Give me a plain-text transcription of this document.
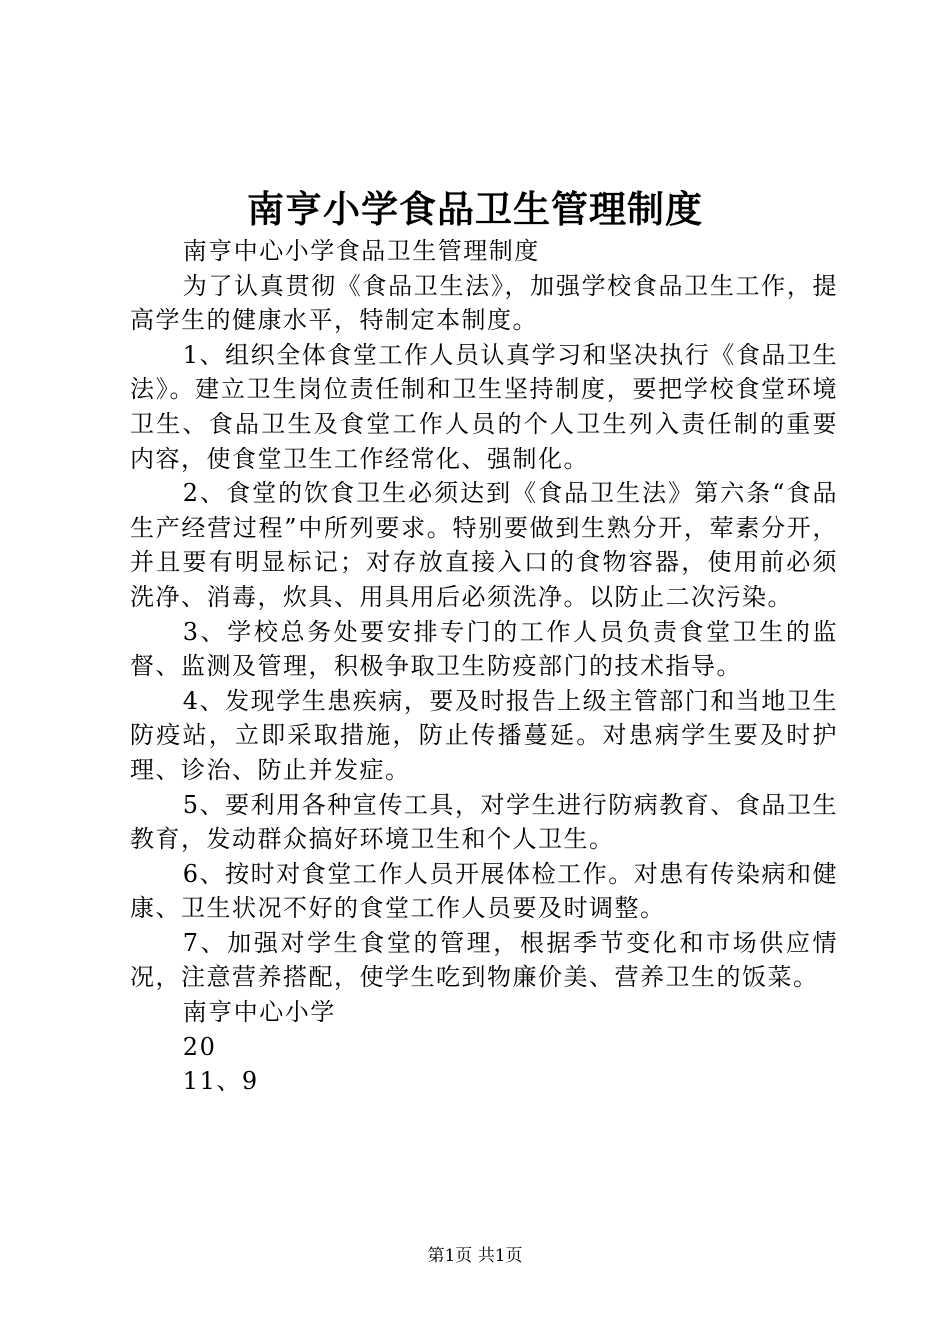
南亨小学食品卫生管理制度

南亨中心小学食品卫生管理制度

为了认真贯彻《食品卫生法》，加强学校食品卫生工作，提高学生的健康水平，特制定本制度。

1、组织全体食堂工作人员认真学习和坚决执行《食品卫生法》。建立卫生岗位责任制和卫生坚持制度，要把学校食堂环境卫生、食品卫生及食堂工作人员的个人卫生列入责任制的重要内容，使食堂卫生工作经常化、强制化。

2、食堂的饮食卫生必须达到《食品卫生法》第六条“食品生产经营过程”中所列要求。特别要做到生熟分开，荤素分开，并且要有明显标记；对存放直接入口的食物容器，使用前必须洗净、消毒，炊具、用具用后必须洗净。以防止二次污染。

3、学校总务处要安排专门的工作人员负责食堂卫生的监督、监测及管理，积极争取卫生防疫部门的技术指导。

4、发现学生患疾病，要及时报告上级主管部门和当地卫生防疫站，立即采取措施，防止传播蔓延。对患病学生要及时护理、诊治、防止并发症。

5、要利用各种宣传工具，对学生进行防病教育、食品卫生教育，发动群众搞好环境卫生和个人卫生。

6、按时对食堂工作人员开展体检工作。对患有传染病和健康、卫生状况不好的食堂工作人员要及时调整。

7、加强对学生食堂的管理，根据季节变化和市场供应情况，注意营养搭配，使学生吃到物廉价美、营养卫生的饭菜。

南亨中心小学

20

11、9

第1页 共1页
